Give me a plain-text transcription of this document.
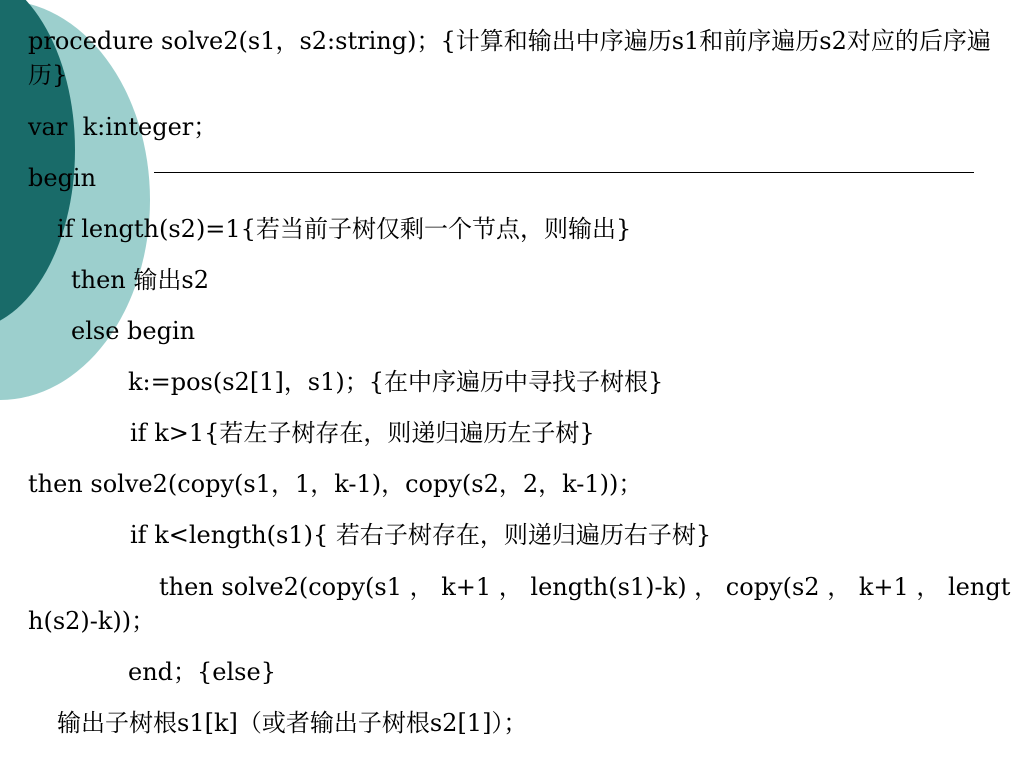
procedure solve2(s1，s2:string)；{计算和输出中序遍历s1和前序遍历s2对应的后序遍历}
var  k:integer；
begin
if length(s2)=1{若当前子树仅剩一个节点，则输出}
then 输出s2
else begin
k:=pos(s2[1]，s1)；{在中序遍历中寻找子树根}
if k>1{若左子树存在，则递归遍历左子树}
then solve2(copy(s1，1，k-1)，copy(s2，2，k-1))；
if k<length(s1){ 若右子树存在，则递归遍历右子树}
then solve2(copy(s1 ， k+1 ， length(s1)-k) ， copy(s2 ， k+1 ， length(s2)-k))；
end；{else}
输出子树根s1[k]（或者输出子树根s2[1]）；
